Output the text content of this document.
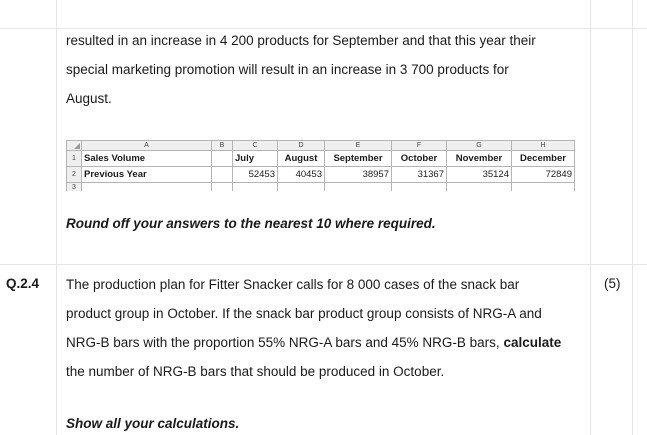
resulted in an increase in 4 200 products for September and that this year their

special marketing promotion will result in an increase in 3 700 products for

August.

	A	B	C	D	E	F	G	H
1	Sales Volume		July	August	September	October	November	December
2	Previous Year		52453	40453	38957	31367	35124	72849
3								
Round off your answers to the nearest 10 where required.
Q.2.4	(5)

The production plan for Fitter Snacker calls for 8 000 cases of the snack bar

product group in October. If the snack bar product group consists of NRG-A and

NRG-B bars with the proportion 55% NRG-A bars and 45% NRG-B bars, calculate

the number of NRG-B bars that should be produced in October.

Show all your calculations.
